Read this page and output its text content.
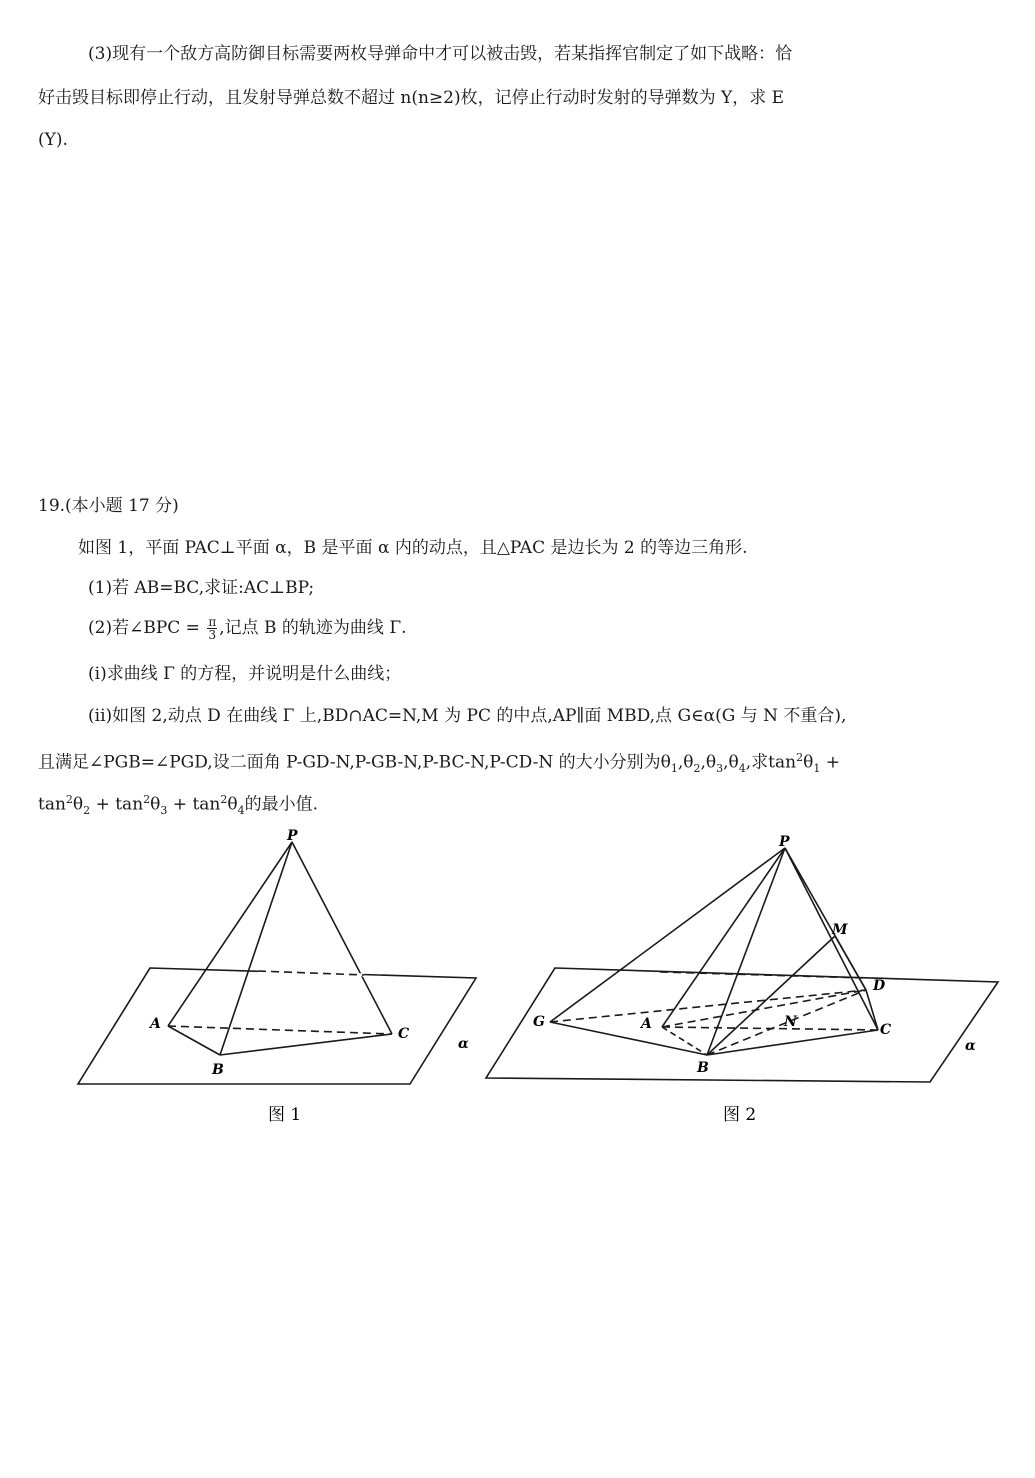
(3)现有一个敌方高防御目标需要两枚导弹命中才可以被击毁，若某指挥官制定了如下战略：恰
好击毁目标即停止行动，且发射导弹总数不超过 n(n≥2)枚，记停止行动时发射的导弹数为 Y，求 E
(Y).
19.(本小题 17 分)
如图 1，平面 PAC⊥平面 α，B 是平面 α 内的动点，且△PAC 是边长为 2 的等边三角形.
(1)若 AB=BC,求证:AC⊥BP;
(2)若∠BPC = $\frac{\pi}{3}$ ,记点 B 的轨迹为曲线 Γ.
(i)求曲线 Γ 的方程，并说明是什么曲线；
(ii)如图 2,动点 D 在曲线 Γ 上,BD∩AC=N,M 为 PC 的中点,AP∥面 MBD,点 G∈α(G 与 N 不重合),
且满足∠PGB=∠PGD,设二面角 P-GD-N,P-GB-N,P-BC-N,P-CD-N 的大小分别为$\theta_1,\theta_2,\theta_3,\theta_4$,求$\tan^2\theta_1$ +
$\tan^2\theta_2 + \tan^2\theta_3 + \tan^2\theta_4$的最小值.
P
A
B
C
α
图 1
P
M
D
G	A	N	C
B
α
图 2
